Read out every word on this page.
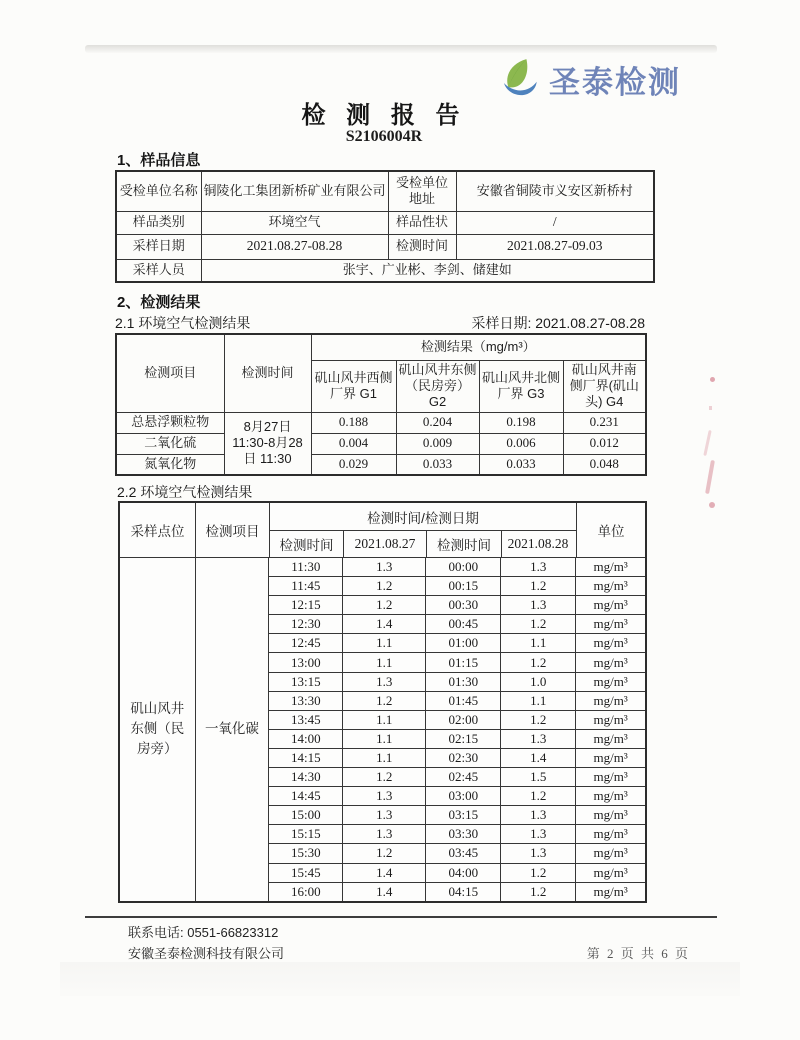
圣泰检测
检 测 报 告
S2106004R
1、样品信息
受检单位名称	铜陵化工集团新桥矿业有限公司	受检单位地址	安徽省铜陵市义安区新桥村
样品类别	环境空气	样品性状	/
采样日期	2021.08.27-08.28	检测时间	2021.08.27-09.03
采样人员	张宇、广业彬、李剑、储建如		
2、检测结果
2.1 环境空气检测结果	采样日期: 2021.08.27-08.28
检测项目	检测时间	检测结果（mg/m³）			
		矶山风井西侧厂界 G1	矶山风井东侧（民房旁）G2	矶山风井北侧厂界 G3	矶山风井南侧厂界(矶山头) G4
总悬浮颗粒物	8月27日 11:30-8月28日 11:30	0.188	0.204	0.198	0.231
二氧化硫		0.004	0.009	0.006	0.012
氮氧化物		0.029	0.033	0.033	0.048
2.2 环境空气检测结果
采样点位	检测项目
检测时间/检测日期
检测时间	2021.08.27	检测时间	2021.08.28
单位
矶山风井东侧（民房旁）
一氧化碳
11:30	1.3	00:00	1.3	mg/m³
11:45	1.2	00:15	1.2	mg/m³
12:15	1.2	00:30	1.3	mg/m³
12:30	1.4	00:45	1.2	mg/m³
12:45	1.1	01:00	1.1	mg/m³
13:00	1.1	01:15	1.2	mg/m³
13:15	1.3	01:30	1.0	mg/m³
13:30	1.2	01:45	1.1	mg/m³
13:45	1.1	02:00	1.2	mg/m³
14:00	1.1	02:15	1.3	mg/m³
14:15	1.1	02:30	1.4	mg/m³
14:30	1.2	02:45	1.5	mg/m³
14:45	1.3	03:00	1.2	mg/m³
15:00	1.3	03:15	1.3	mg/m³
15:15	1.3	03:30	1.3	mg/m³
15:30	1.2	03:45	1.3	mg/m³
15:45	1.4	04:00	1.2	mg/m³
16:00	1.4	04:15	1.2	mg/m³
联系电话: 0551-66823312
安徽圣泰检测科技有限公司	第 2 页 共 6 页
